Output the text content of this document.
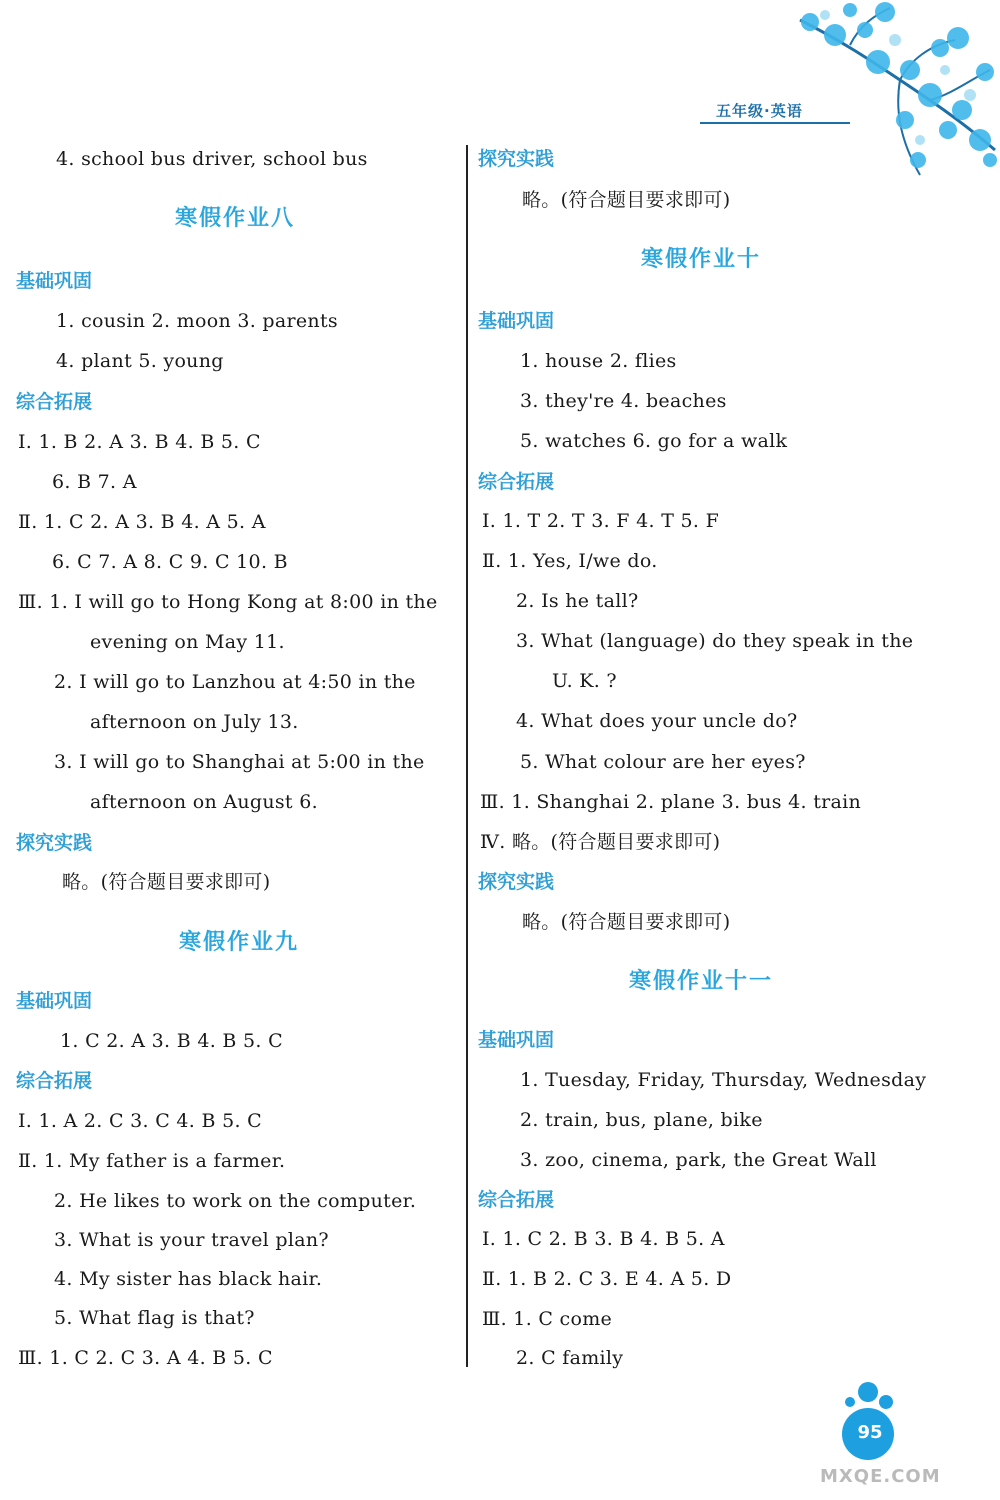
五年级·英语
4. school bus driver, school bus
寒假作业八
基础巩固
1. cousin 2. moon 3. parents
4. plant 5. young
综合拓展
Ⅰ. 1. B 2. A 3. B 4. B 5. C
6. B 7. A
Ⅱ. 1. C 2. A 3. B 4. A 5. A
6. C 7. A 8. C 9. C 10. B
Ⅲ. 1. I will go to Hong Kong at 8:00 in the
evening on May 11.
2. I will go to Lanzhou at 4:50 in the
afternoon on July 13.
3. I will go to Shanghai at 5:00 in the
afternoon on August 6.
探究实践
略。(符合题目要求即可)
寒假作业九
基础巩固
1. C 2. A 3. B 4. B 5. C
综合拓展
Ⅰ. 1. A 2. C 3. C 4. B 5. C
Ⅱ. 1. My father is a farmer.
2. He likes to work on the computer.
3. What is your travel plan?
4. My sister has black hair.
5. What flag is that?
Ⅲ. 1. C 2. C 3. A 4. B 5. C
探究实践
略。(符合题目要求即可)
寒假作业十
基础巩固
1. house 2. flies
3. they're 4. beaches
5. watches 6. go for a walk
综合拓展
Ⅰ. 1. T 2. T 3. F 4. T 5. F
Ⅱ. 1. Yes, I/we do.
2. Is he tall?
3. What (language) do they speak in the
U. K. ?
4. What does your uncle do?
5. What colour are her eyes?
Ⅲ. 1. Shanghai 2. plane 3. bus 4. train
Ⅳ. 略。(符合题目要求即可)
探究实践
略。(符合题目要求即可)
寒假作业十一
基础巩固
1. Tuesday, Friday, Thursday, Wednesday
2. train, bus, plane, bike
3. zoo, cinema, park, the Great Wall
综合拓展
Ⅰ. 1. C 2. B 3. B 4. B 5. A
Ⅱ. 1. B 2. C 3. E 4. A 5. D
Ⅲ. 1. C come
2. C family
95
MXQE.COM
